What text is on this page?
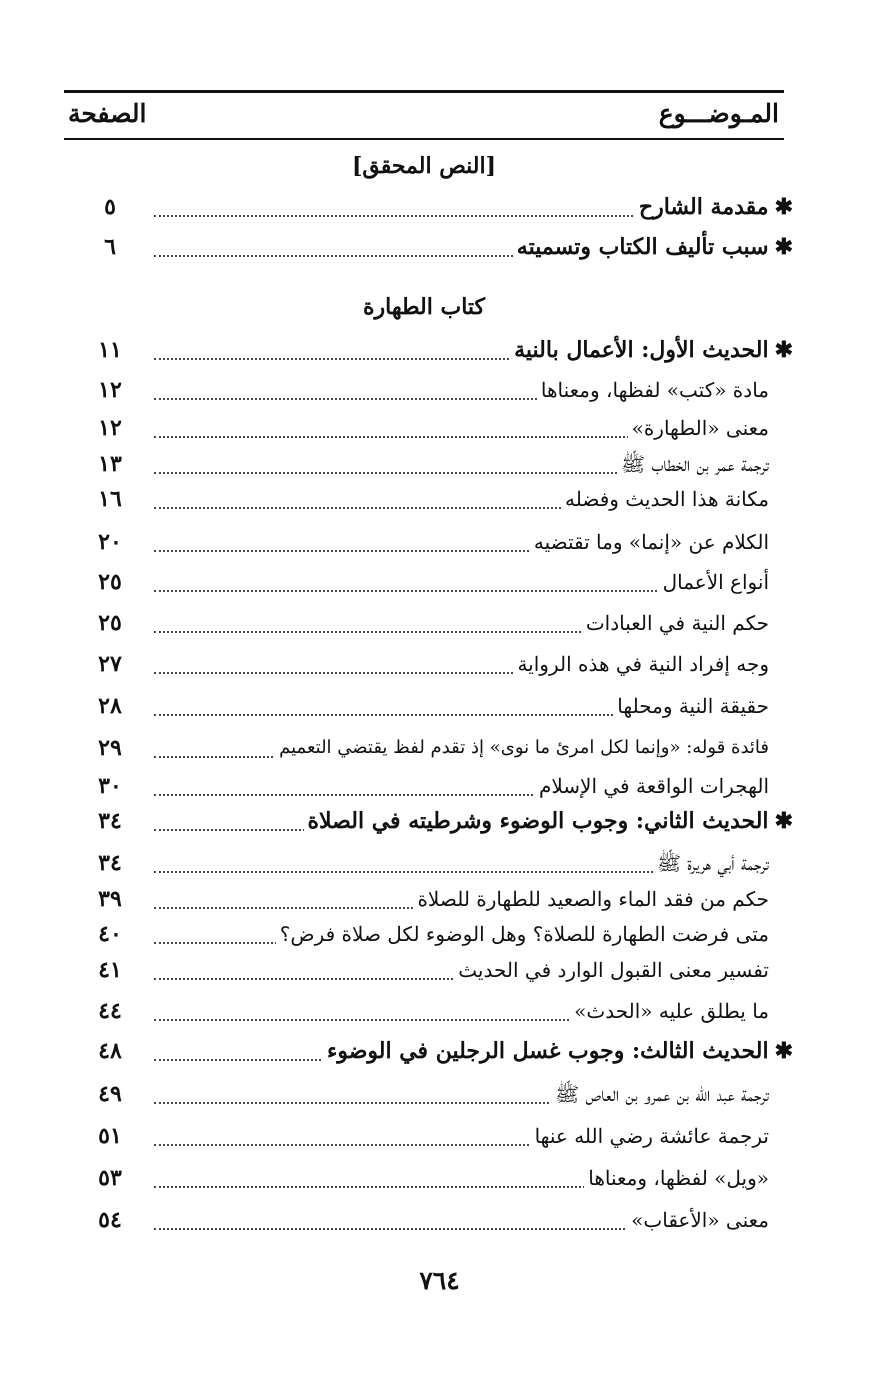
المـوضـــوع
الصفحة
[النص المحقق]
✱مقدمة الشارح
٥
✱سبب تأليف الكتاب وتسميته
٦
كتاب الطهارة
✱الحديث الأول: الأعمال بالنية
١١
مادة «كتب» لفظها، ومعناها
١٢
معنى «الطهارة»
١٢
ترجمة عمر بن الخطاب ﷺ
١٣
مكانة هذا الحديث وفضله
١٦
الكلام عن «إنما» وما تقتضيه
٢٠
أنواع الأعمال
٢٥
حكم النية في العبادات
٢٥
وجه إفراد النية في هذه الرواية
٢٧
حقيقة النية ومحلها
٢٨
فائدة قوله: «وإنما لكل امرئ ما نوى» إذ تقدم لفظ يقتضي التعميم
٢٩
الهجرات الواقعة في الإسلام
٣٠
✱الحديث الثاني: وجوب الوضوء وشرطيته في الصلاة
٣٤
ترجمة أبي هريرة ﷺ
٣٤
حكم من فقد الماء والصعيد للطهارة للصلاة
٣٩
متى فرضت الطهارة للصلاة؟ وهل الوضوء لكل صلاة فرض؟
٤٠
تفسير معنى القبول الوارد في الحديث
٤١
ما يطلق عليه «الحدث»
٤٤
✱الحديث الثالث: وجوب غسل الرجلين في الوضوء
٤٨
ترجمة عبد الله بن عمرو بن العاص ﷺ
٤٩
ترجمة عائشة رضي الله عنها
٥١
«ويل» لفظها، ومعناها
٥٣
معنى «الأعقاب»
٥٤
٧٦٤
